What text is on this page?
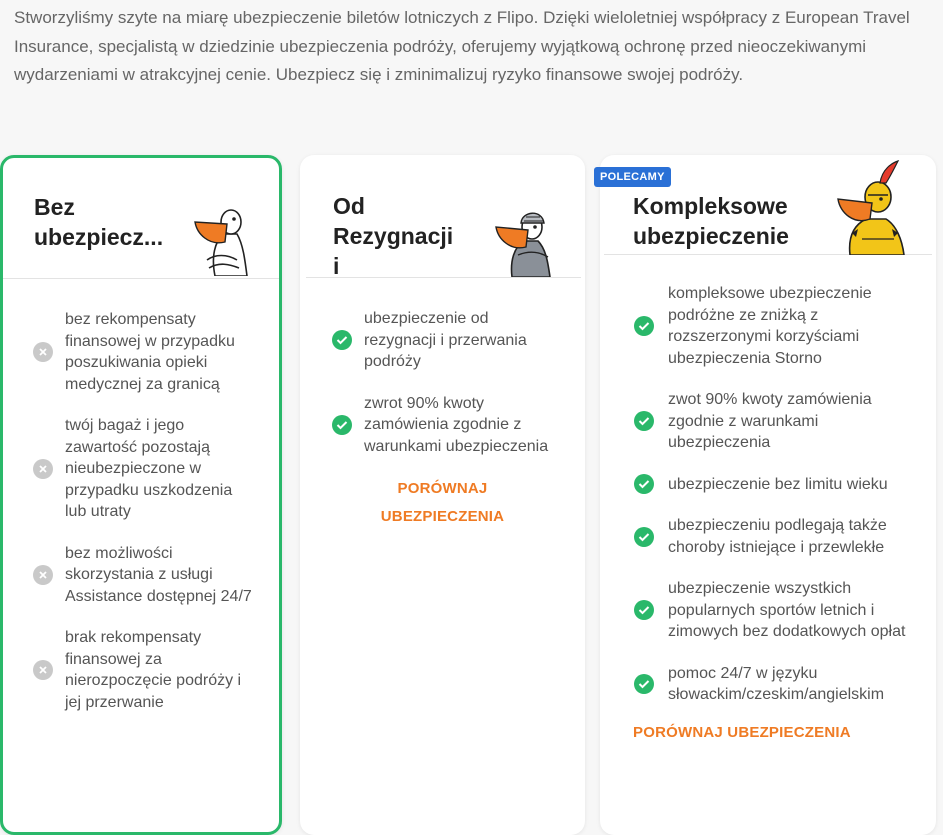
Stworzyliśmy szyte na miarę ubezpieczenie biletów lotniczych z Flipo. Dzięki wieloletniej współpracy z European Travel Insurance, specjalistą w dziedzinie ubezpieczenia podróży, oferujemy wyjątkową ochronę przed nieoczekiwanymi wydarzeniami w atrakcyjnej cenie. Ubezpiecz się i zminimalizuj ryzyko finansowe swojej podróży.

Bez ubezpiecz...
bez rekompensaty finansowej w przypadku poszukiwania opieki medycznej za granicą
twój bagaż i jego zawartość pozostają nieubezpieczone w przypadku uszkodzenia lub utraty
bez możliwości skorzystania z usługi Assistance dostępnej 24/7
brak rekompensaty finansowej za nierozpoczęcie podróży i jej przerwanie
Od Rezygnacji i
ubezpieczenie od rezygnacji i przerwania podróży
zwrot 90% kwoty zamówienia zgodnie z warunkami ubezpieczenia
PORÓWNAJ UBEZPIECZENIA
POLECAMY
Kompleksowe ubezpieczenie
kompleksowe ubezpieczenie podróżne ze zniżką z rozszerzonymi korzyściami ubezpieczenia Storno
zwot 90% kwoty zamówienia zgodnie z warunkami ubezpieczenia
ubezpieczenie bez limitu wieku
ubezpieczeniu podlegają także choroby istniejące i przewlekłe
ubezpieczenie wszystkich popularnych sportów letnich i zimowych bez dodatkowych opłat
pomoc 24/7 w języku słowackim/czeskim/angielskim
PORÓWNAJ UBEZPIECZENIA
